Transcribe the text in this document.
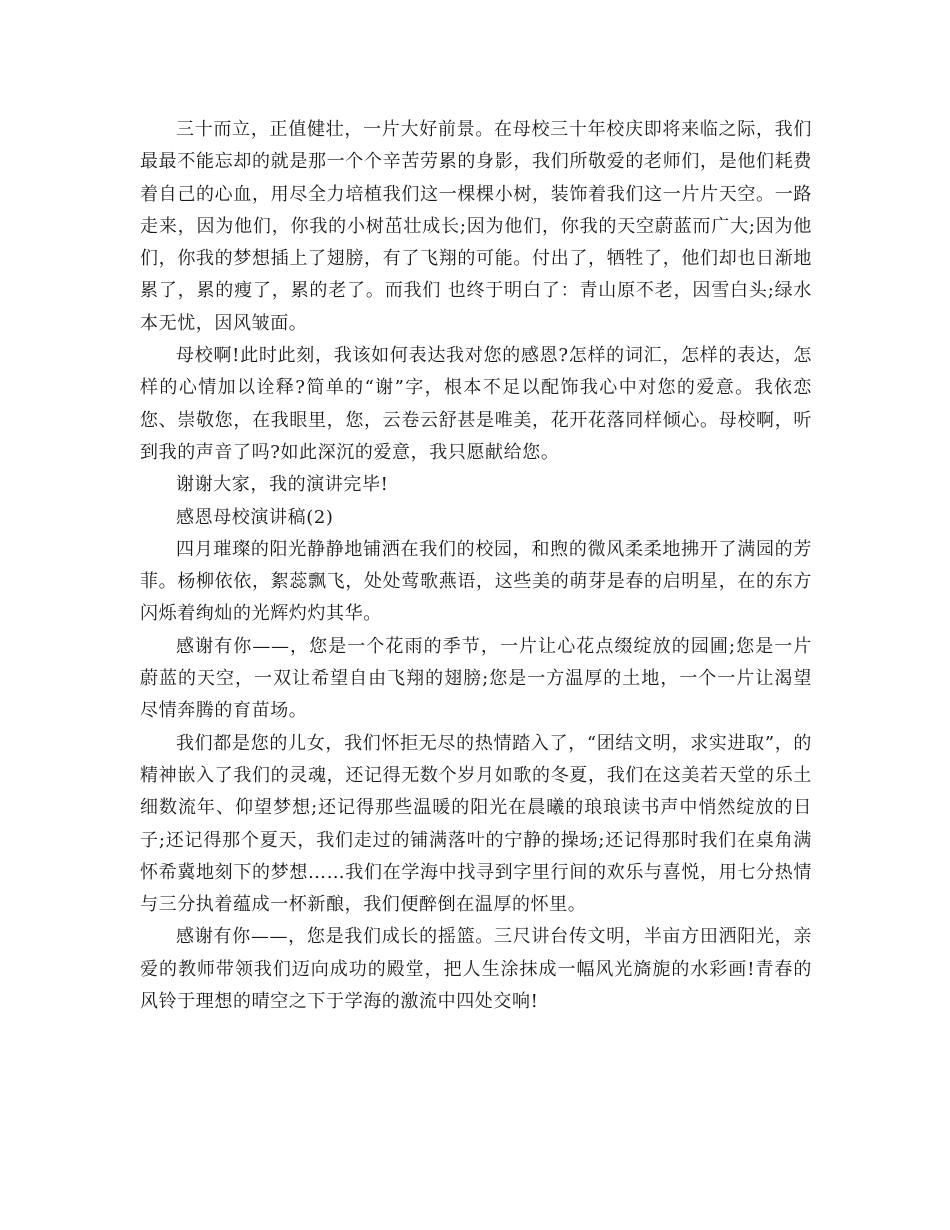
三十而立，正值健壮，一片大好前景。在母校三十年校庆即将来临之际，我们最最不能忘却的就是那一个个辛苦劳累的身影，我们所敬爱的老师们，是他们耗费着自己的心血，用尽全力培植我们这一棵棵小树，装饰着我们这一片片天空。一路走来，因为他们，你我的小树茁壮成长;因为他们，你我的天空蔚蓝而广大;因为他们，你我的梦想插上了翅膀，有了飞翔的可能。付出了，牺牲了，他们却也日渐地累了，累的瘦了，累的老了。而我们 也终于明白了：青山原不老，因雪白头;绿水本无忧，因风皱面。

母校啊!此时此刻，我该如何表达我对您的感恩?怎样的词汇，怎样的表达，怎样的心情加以诠释?简单的“谢”字，根本不足以配饰我心中对您的爱意。我依恋您、崇敬您，在我眼里，您，云卷云舒甚是唯美，花开花落同样倾心。母校啊，听到我的声音了吗?如此深沉的爱意，我只愿献给您。

谢谢大家，我的演讲完毕!

感恩母校演讲稿(2)

四月璀璨的阳光静静地铺洒在我们的校园，和煦的微风柔柔地拂开了满园的芳菲。杨柳依依，絮蕊飘飞，处处莺歌燕语，这些美的萌芽是春的启明星，在的东方闪烁着绚灿的光辉灼灼其华。

感谢有你——，您是一个花雨的季节，一片让心花点缀绽放的园圃;您是一片蔚蓝的天空，一双让希望自由飞翔的翅膀;您是一方温厚的土地，一个一片让渴望尽情奔腾的育苗场。

我们都是您的儿女，我们怀拒无尽的热情踏入了，“团结文明，求实进取”，的精神嵌入了我们的灵魂，还记得无数个岁月如歌的冬夏，我们在这美若天堂的乐土细数流年、仰望梦想;还记得那些温暖的阳光在晨曦的琅琅读书声中悄然绽放的日子;还记得那个夏天，我们走过的铺满落叶的宁静的操场;还记得那时我们在桌角满怀希冀地刻下的梦想……我们在学海中找寻到字里行间的欢乐与喜悦，用七分热情与三分执着蕴成一杯新酿，我们便醉倒在温厚的怀里。

感谢有你——，您是我们成长的摇篮。三尺讲台传文明，半亩方田洒阳光，亲爱的教师带领我们迈向成功的殿堂，把人生涂抹成一幅风光旖旎的水彩画!青春的风铃于理想的晴空之下于学海的激流中四处交响!
